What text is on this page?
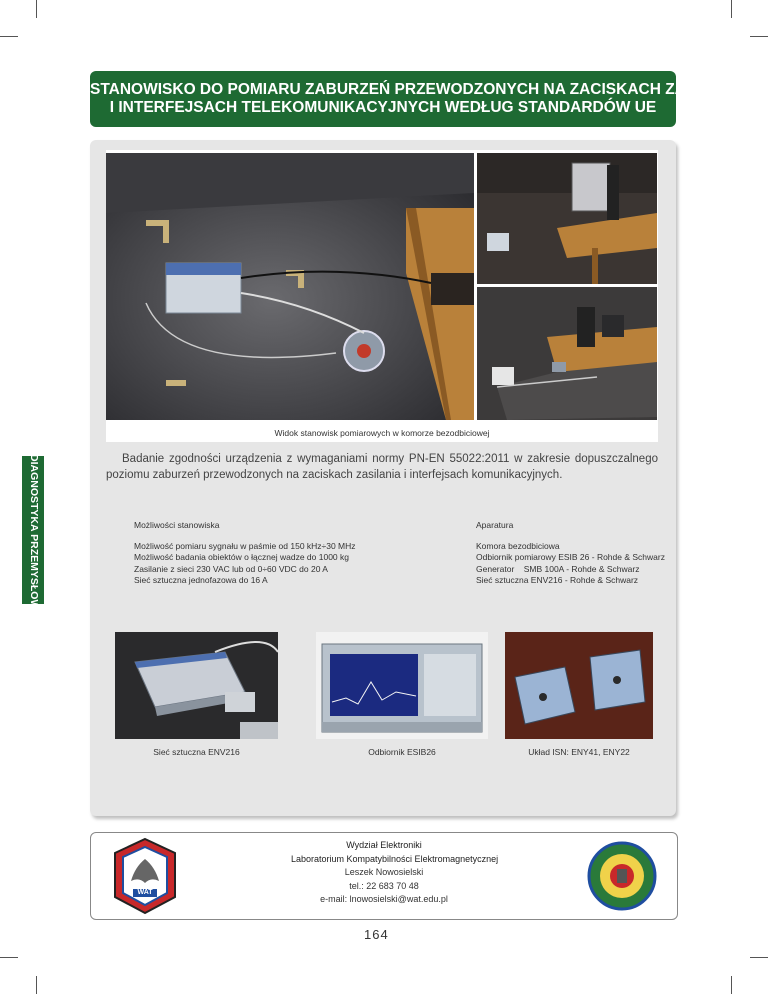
STANOWISKO DO POMIARU ZABURZEŃ PRZEWODZONYCH NA ZACISKACH ZASILANIA
I INTERFEJSACH TELEKOMUNIKACYJNYCH WEDŁUG STANDARDÓW UE
Widok stanowisk pomiarowych w komorze bezodbiciowej
Badanie zgodności urządzenia z wymaganiami normy PN-EN 55022:2011 w zakresie dopuszczalnego poziomu zaburzeń przewodzonych na zaciskach zasilania i interfejsach komunikacyjnych.
DIAGNOSTYKA PRZEMYSŁOWA	Możliwości stanowiska
Możliwość pomiaru sygnału w paśmie od 150 kHz÷30 MHz
Możliwość badania obiektów o łącznej wadze do 1000 kg
Zasilanie z sieci 230 VAC lub od 0÷60 VDC do 20 A
Sieć sztuczna jednofazowa do 16 A
Aparatura
Komora bezodbiciowa
Odbiornik pomiarowy ESIB 26 - Rohde & Schwarz
Generator    SMB 100A - Rohde & Schwarz
Sieć sztuczna ENV216 - Rohde & Schwarz
Sieć sztuczna ENV216	Odbiornik ESIB26	Układ ISN: ENY41, ENY22
WAT
Wydział Elektroniki
Laboratorium Kompatybilności Elektromagnetycznej
Leszek Nowosielski
tel.: 22 683 70 48
e-mail: lnowosielski@wat.edu.pl
164
